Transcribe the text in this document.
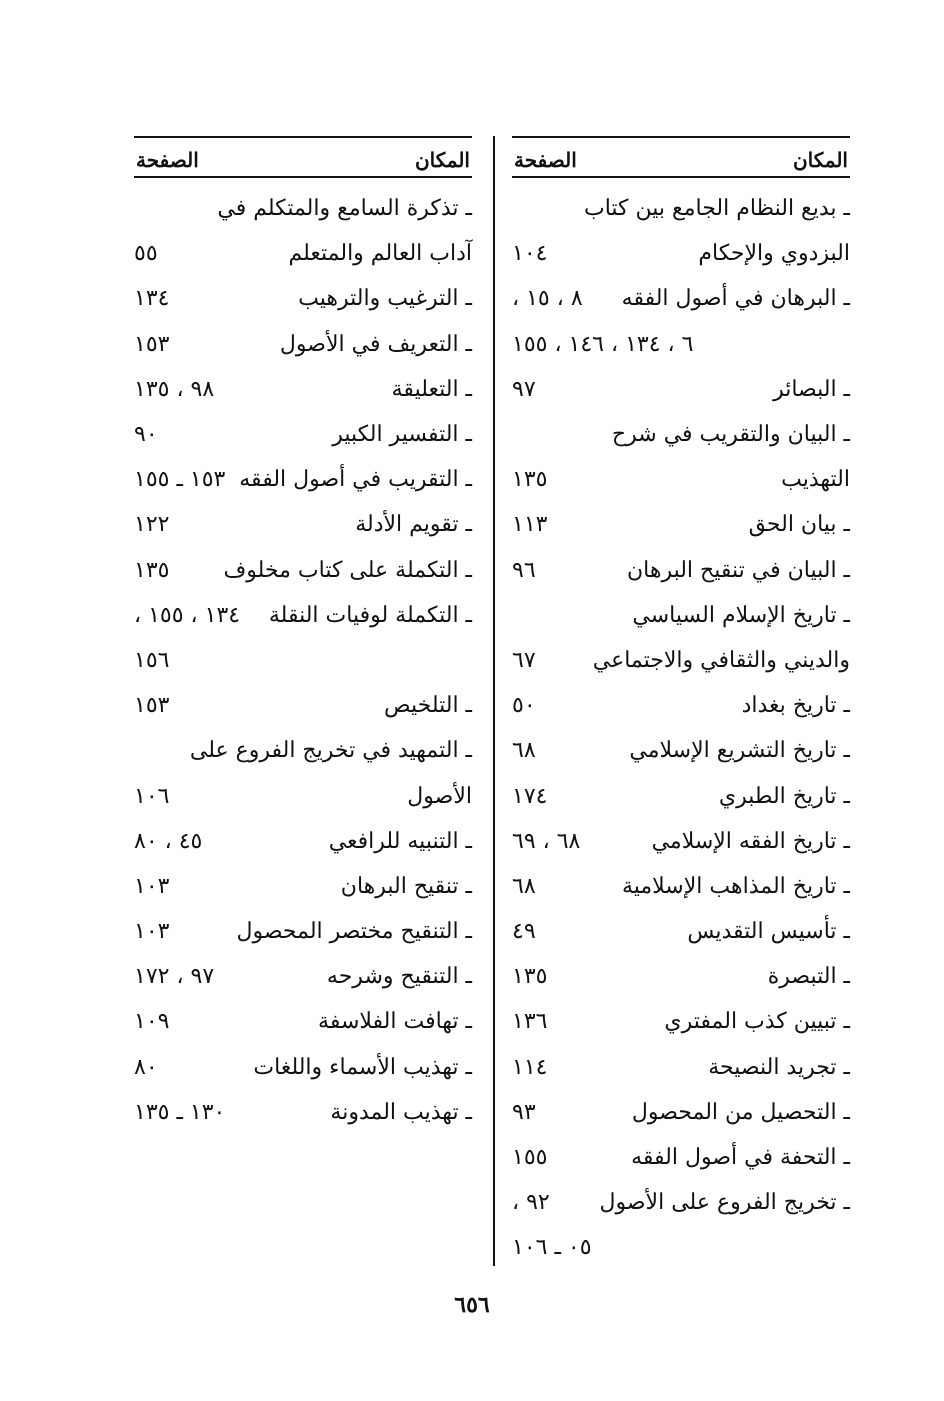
المكان
الصفحة
ـ بديع النظام الجامع بين كتاب
البزدوي والإحكام
١٠٤
ـ البرهان في أصول الفقه
٨ ، ١٥ ،
٦ ، ١٣٤ ، ١٤٦ ، ١٥٥
ـ البصائر
٩٧
ـ البيان والتقريب في شرح
التهذيب
١٣٥
ـ بيان الحق
١١٣
ـ البيان في تنقيح البرهان
٩٦
ـ تاريخ الإسلام السياسي
والديني والثقافي والاجتماعي
٦٧
ـ تاريخ بغداد
٥٠
ـ تاريخ التشريع الإسلامي
٦٨
ـ تاريخ الطبري
١٧٤
ـ تاريخ الفقه الإسلامي
٦٨ ، ٦٩
ـ تاريخ المذاهب الإسلامية
٦٨
ـ تأسيس التقديس
٤٩
ـ التبصرة
١٣٥
ـ تبيين كذب المفتري
١٣٦
ـ تجريد النصيحة
١١٤
ـ التحصيل من المحصول
٩٣
ـ التحفة في أصول الفقه
١٥٥
ـ تخريج الفروع على الأصول
٩٢ ،
٠٥ ـ ١٠٦
المكان
الصفحة
ـ تذكرة السامع والمتكلم في
آداب العالم والمتعلم
٥٥
ـ الترغيب والترهيب
١٣٤
ـ التعريف في الأصول
١٥٣
ـ التعليقة
٩٨ ، ١٣٥
ـ التفسير الكبير
٩٠
ـ التقريب في أصول الفقه
١٥٣ ـ ١٥٥
ـ تقويم الأدلة
١٢٢
ـ التكملة على كتاب مخلوف
١٣٥
ـ التكملة لوفيات النقلة
١٣٤ ، ١٥٥ ،
١٥٦
ـ التلخيص
١٥٣
ـ التمهيد في تخريج الفروع على
الأصول
١٠٦
ـ التنبيه للرافعي
٤٥ ، ٨٠
ـ تنقيح البرهان
١٠٣
ـ التنقيح مختصر المحصول
١٠٣
ـ التنقيح وشرحه
٩٧ ، ١٧٢
ـ تهافت الفلاسفة
١٠٩
ـ تهذيب الأسماء واللغات
٨٠
ـ تهذيب المدونة
١٣٠ ـ ١٣٥
٦٥٦
